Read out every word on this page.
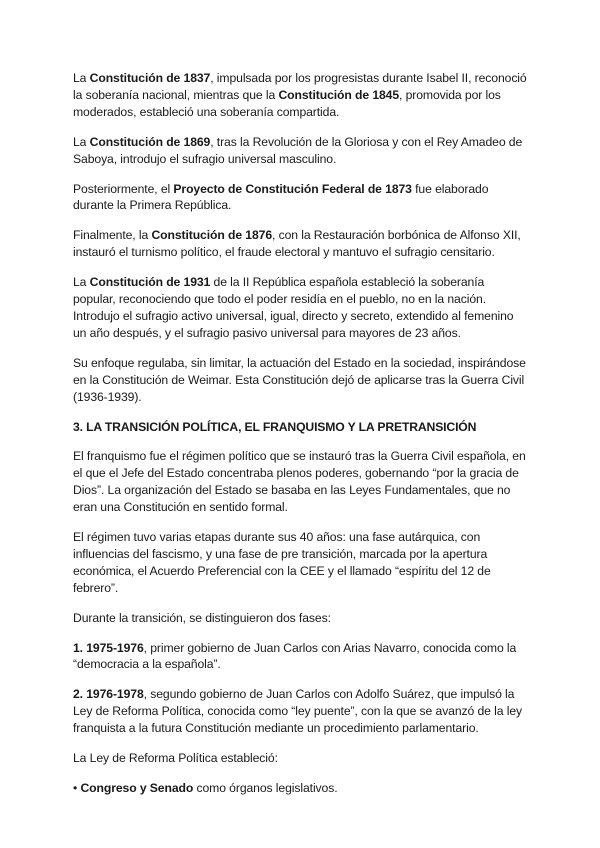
La Constitución de 1837, impulsada por los progresistas durante Isabel II, reconoció la soberanía nacional, mientras que la Constitución de 1845, promovida por los moderados, estableció una soberanía compartida.

La Constitución de 1869, tras la Revolución de la Gloriosa y con el Rey Amadeo de Saboya, introdujo el sufragio universal masculino.

Posteriormente, el Proyecto de Constitución Federal de 1873 fue elaborado durante la Primera República.

Finalmente, la Constitución de 1876, con la Restauración borbónica de Alfonso XII, instauró el turnismo político, el fraude electoral y mantuvo el sufragio censitario.

La Constitución de 1931 de la II República española estableció la soberanía popular, reconociendo que todo el poder residía en el pueblo, no en la nación. Introdujo el sufragio activo universal, igual, directo y secreto, extendido al femenino un año después, y el sufragio pasivo universal para mayores de 23 años.

Su enfoque regulaba, sin limitar, la actuación del Estado en la sociedad, inspirándose en la Constitución de Weimar. Esta Constitución dejó de aplicarse tras la Guerra Civil (1936-1939).

3. LA TRANSICIÓN POLÍTICA, EL FRANQUISMO Y LA PRETRANSICIÓN

El franquismo fue el régimen político que se instauró tras la Guerra Civil española, en el que el Jefe del Estado concentraba plenos poderes, gobernando “por la gracia de Dios”. La organización del Estado se basaba en las Leyes Fundamentales, que no eran una Constitución en sentido formal.

El régimen tuvo varias etapas durante sus 40 años: una fase autárquica, con influencias del fascismo, y una fase de pre transición, marcada por la apertura económica, el Acuerdo Preferencial con la CEE y el llamado “espíritu del 12 de febrero”.

Durante la transición, se distinguieron dos fases:

1. 1975-1976, primer gobierno de Juan Carlos con Arias Navarro, conocida como la “democracia a la española”.

2. 1976-1978, segundo gobierno de Juan Carlos con Adolfo Suárez, que impulsó la Ley de Reforma Política, conocida como “ley puente”, con la que se avanzó de la ley franquista a la futura Constitución mediante un procedimiento parlamentario.

La Ley de Reforma Política estableció:

• Congreso y Senado como órganos legislativos.
